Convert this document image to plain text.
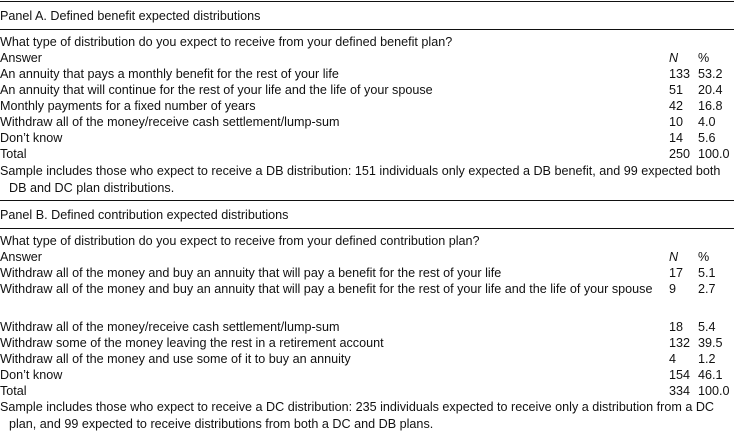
Panel A. Defined benefit expected distributions
What type of distribution do you expect to receive from your defined benefit plan?
Answer	N %
An annuity that pays a monthly benefit for the rest of your life	133 53.2
An annuity that will continue for the rest of your life and the life of your spouse	51 20.4
Monthly payments for a fixed number of years	42 16.8
Withdraw all of the money/receive cash settlement/lump-sum	10 4.0
Don’t know	14 5.6
Total	250 100.0
Sample includes those who expect to receive a DB distribution: 151 individuals only expected a DB benefit, and 99 expected both DB and DC plan distributions.
Panel B. Defined contribution expected distributions
What type of distribution do you expect to receive from your defined contribution plan?
Answer	N %
Withdraw all of the money and buy an annuity that will pay a benefit for the rest of your life	17 5.1
Withdraw all of the money and buy an annuity that will pay a benefit for the rest of your life and the life of your spouse	9 2.7
Withdraw all of the money/receive cash settlement/lump-sum	18 5.4
Withdraw some of the money leaving the rest in a retirement account	132 39.5
Withdraw all of the money and use some of it to buy an annuity	4 1.2
Don’t know	154 46.1
Total	334 100.0
Sample includes those who expect to receive a DC distribution: 235 individuals expected to receive only a distribution from a DC plan, and 99 expected to receive distributions from both a DC and DB plans.
